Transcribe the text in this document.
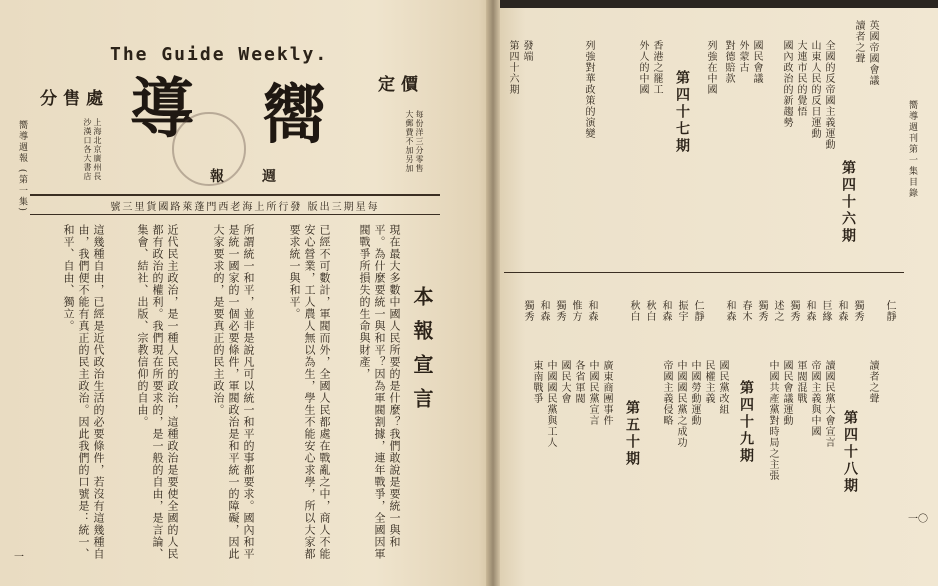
The Guide Weekly.
嚮
導
週
報
定價
分售處
每份洋三分零售大郵費不加另加
上海北京廣州長沙漢口各大書店
每星期三出版 發行所上海老西門蓬萊路國貨里三號
嚮導週報 (第一集)
本報宣言
現在最大多數中國人民所要的是什麼？我們敢說是要統一與和平。為什麼要統一與和平？因為軍閥割據，連年戰爭，全國因軍閥戰爭所損失的生命與財產，
已經不可數計，軍閥而外，全國人民都處在戰亂之中，商人不能安心營業，工人農人無以為生，學生不能安心求學，所以大家都要求統一與和平。
所謂統一和平，並非是說凡可以統一和平的事都要求。國內和平是統一國家的一個必要條件，軍閥政治是和平統一的障礙，因此大家要求的，是要真正的民主政治。
近代民主政治，是一種人民的政治，這種政治是要使全國的人民都有政治的權利。我們現在所要求的，是一般的自由，是言論、集會、結社、出版、宗教信仰的自由。
這幾種自由，已經是近代政治生活的必要條件，若沒有這幾種自由，我們便不能有真正的民主政治。因此我們的口號是：統一、和平、自由、獨立。
一
嚮導週刊第一集目錄
第四十六期
英國帝國會議
讀者之聲
全國的反帝國主義運動
山東人民的反日運動
大連市民的覺悟
國內政治的新趨勢
第四十七期
國民會議
外蒙古
對德賠款
列強在中國
香港之罷工
外人的中國
列強對華政策的演變
發端
第四十六期
仁靜
獨秀
和森
巨緣
和森
獨秀
述之
獨秀
春木
和森
仁靜
振宇
和森
秋白
秋白
和森
惟方
獨秀
和森
獨秀
第四十八期
讀者之聲
讀國民黨大會宣言
帝國主義與中國
軍閥混戰
國民會議運動
中國共產黨對時局之主張
第四十九期
國民黨改組
民權主義
中國勞動運動
中國國民黨之成功
帝國主義侵略
第五十期
廣東商團事件
中國民黨宣言
各省軍閥
國民大會
中國國民黨與工人
東南戰爭
一〇
